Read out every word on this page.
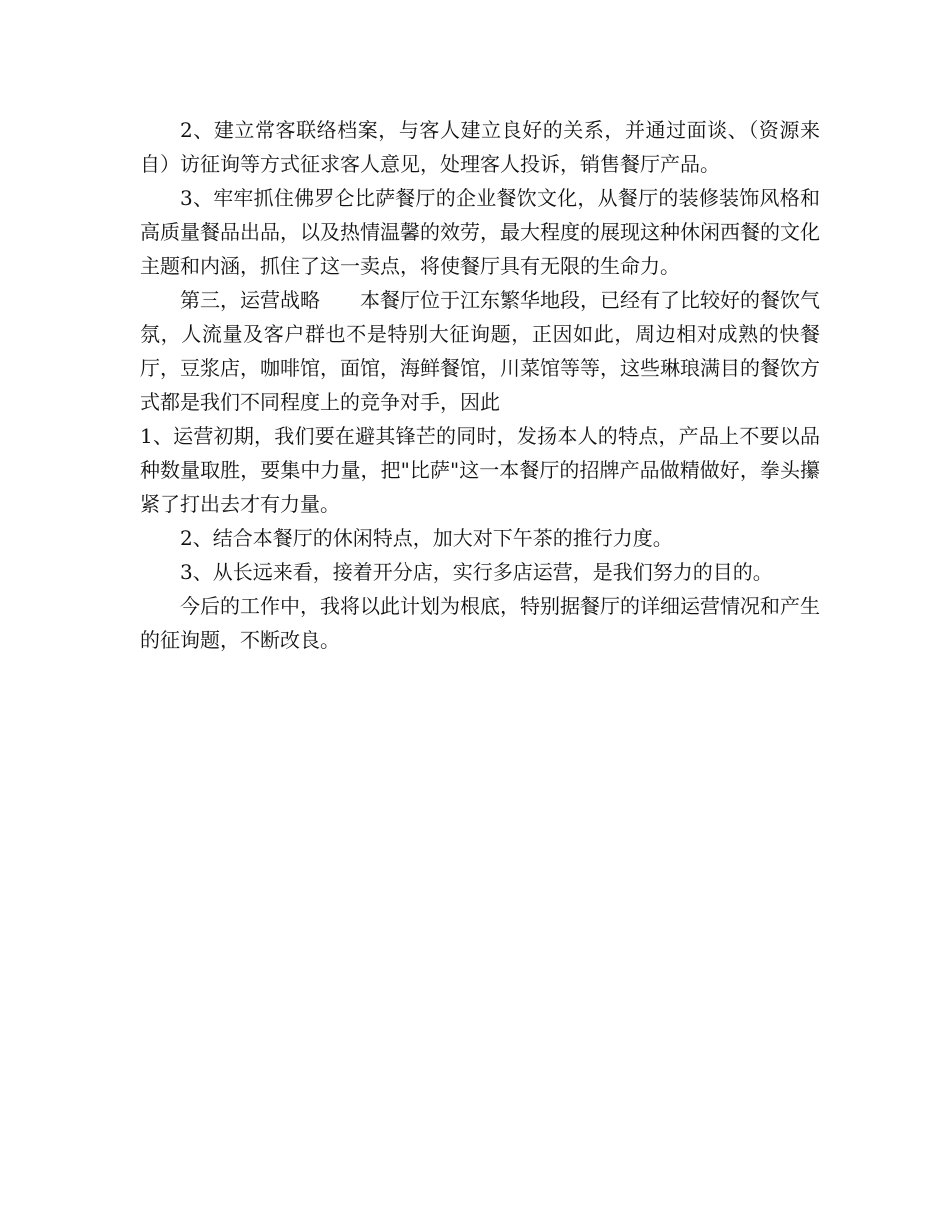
2、建立常客联络档案，与客人建立良好的关系，并通过面谈、（资源来自）访征询等方式征求客人意见，处理客人投诉，销售餐厅产品。

3、牢牢抓住佛罗仑比萨餐厅的企业餐饮文化，从餐厅的装修装饰风格和高质量餐品出品，以及热情温馨的效劳，最大程度的展现这种休闲西餐的文化主题和内涵，抓住了这一卖点，将使餐厅具有无限的生命力。

第三，运营战略　　本餐厅位于江东繁华地段，已经有了比较好的餐饮气氛，人流量及客户群也不是特别大征询题，正因如此，周边相对成熟的快餐厅，豆浆店，咖啡馆，面馆，海鲜餐馆，川菜馆等等，这些琳琅满目的餐饮方式都是我们不同程度上的竞争对手，因此

1、运营初期，我们要在避其锋芒的同时，发扬本人的特点，产品上不要以品种数量取胜，要集中力量，把"比萨"这一本餐厅的招牌产品做精做好，拳头攥紧了打出去才有力量。

2、结合本餐厅的休闲特点，加大对下午茶的推行力度。

3、从长远来看，接着开分店，实行多店运营，是我们努力的目的。

今后的工作中，我将以此计划为根底，特别据餐厅的详细运营情况和产生的征询题，不断改良。
